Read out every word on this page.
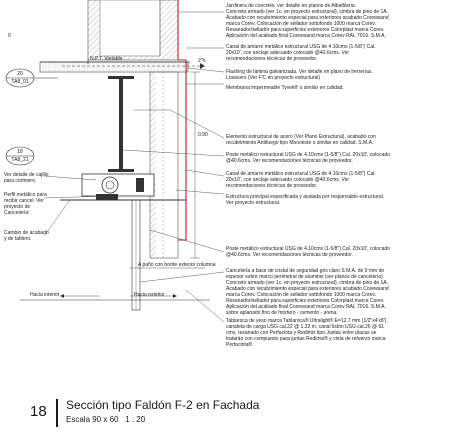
0
20
TA8_01
18
TA8_21
N.P.T. Variable	2"h.
0.90
A paño con borde exterior columna
Hacia interior	Hacia exterior
Ver detalle de cajillo
para cortinero.
Perfil metálico para
recibir cancel. Ver
proyecto de
Cancelería:
Cambio de acabado
y de tablero.
Jardinera de concreto, ver detalle en planos de Albañileria.
Concreto armado (ver 1c. en proyecto estructural), cimbra de pino de 1A.
Acabado con recubrimiento especial para exteriores acabado Corewsand
marca Corev. Colocación de sellador sottofondo 1000 marca Corev.
Resanador/sellador para superficies exteriores Colorplast marca Corev.
Aplicación del acabado final Corewsand marca Corev RAL 7016. S.M.A.
Canal de amarre metálico estructural USG de 4.10cms (1-5/8") Cal.
20x10', con anclaje adecuado colocado @40.6cms. Ver
recomendaciones técnicas de proveedor.
Flashing de lámina galvanizada. Ver detalle en plano de herrerías.
Losacero (Ver F'C en proyecto estructural)
Membrana impermeable Tyvek® o similar en calidad.
Elemento estructural de acero (Ver Plano Estructural), acabado con
recubrimiento Antifuego tipo Monokote o similar en calidad. S.M.A.
Poste metálico estructural USG de 4.10cms (1-5/8") Cal. 20x10', colocado
@40.6cms. Ver recomendaciones técnicas de proveedor.
Canal de amarre metálico estructural USG de 4.10cms (1-5/8") Cal.
20x10', con anclaje adecuado colocado @40.6cms. Ver
recomendaciones técnicas de proveedor.
Estructura principal especificada y avalada por responsable estructural.
Ver proyecto estructural.
Poste metálico estructural USG de 4.10cms (1-5/8") Cal. 20x10', colocado
@40.6cms. Ver recomendaciones técnicas de proveedor.
Cancelería a base de cristal de seguridad gris claro S.M.A. de 9 mm de
espesor sobre marco perimetral de aluminio (ver planos de cancelería)
Concreto armado (ver 1c. en proyecto estructural), cimbra de pino de 1A.
Acabado con recubrimiento especial para exteriores acabado Corewsand
marca Corev. Colocación de sellador sottofondo 1000 marca Corev.
Resanador/sellador para superficies exteriores Colorplast marca Corev.
Aplicación del acabado final Corewsand marca Corev RAL 7016. S.M.A.
sobre aplanado fino de mortero - cemento - arena.
Tablaroca de yeso marca Tablaroca® Ultralight® E=12.7 mm (1/2"x4'x8'),
canaleta de carga USG cal.22 @ 1.22 m. canal listón USG cal.26 @ 61
cms, resanado con Perfacinta y Redimix tipo Juntas entre placas se
tratarán con compuesto para juntas Redimix® y cinta de refuerzo marca
Perfacinta®.
18 Sección tipo Faldón F-2 en Fachada
Escala 90 x 60   1 : 20
